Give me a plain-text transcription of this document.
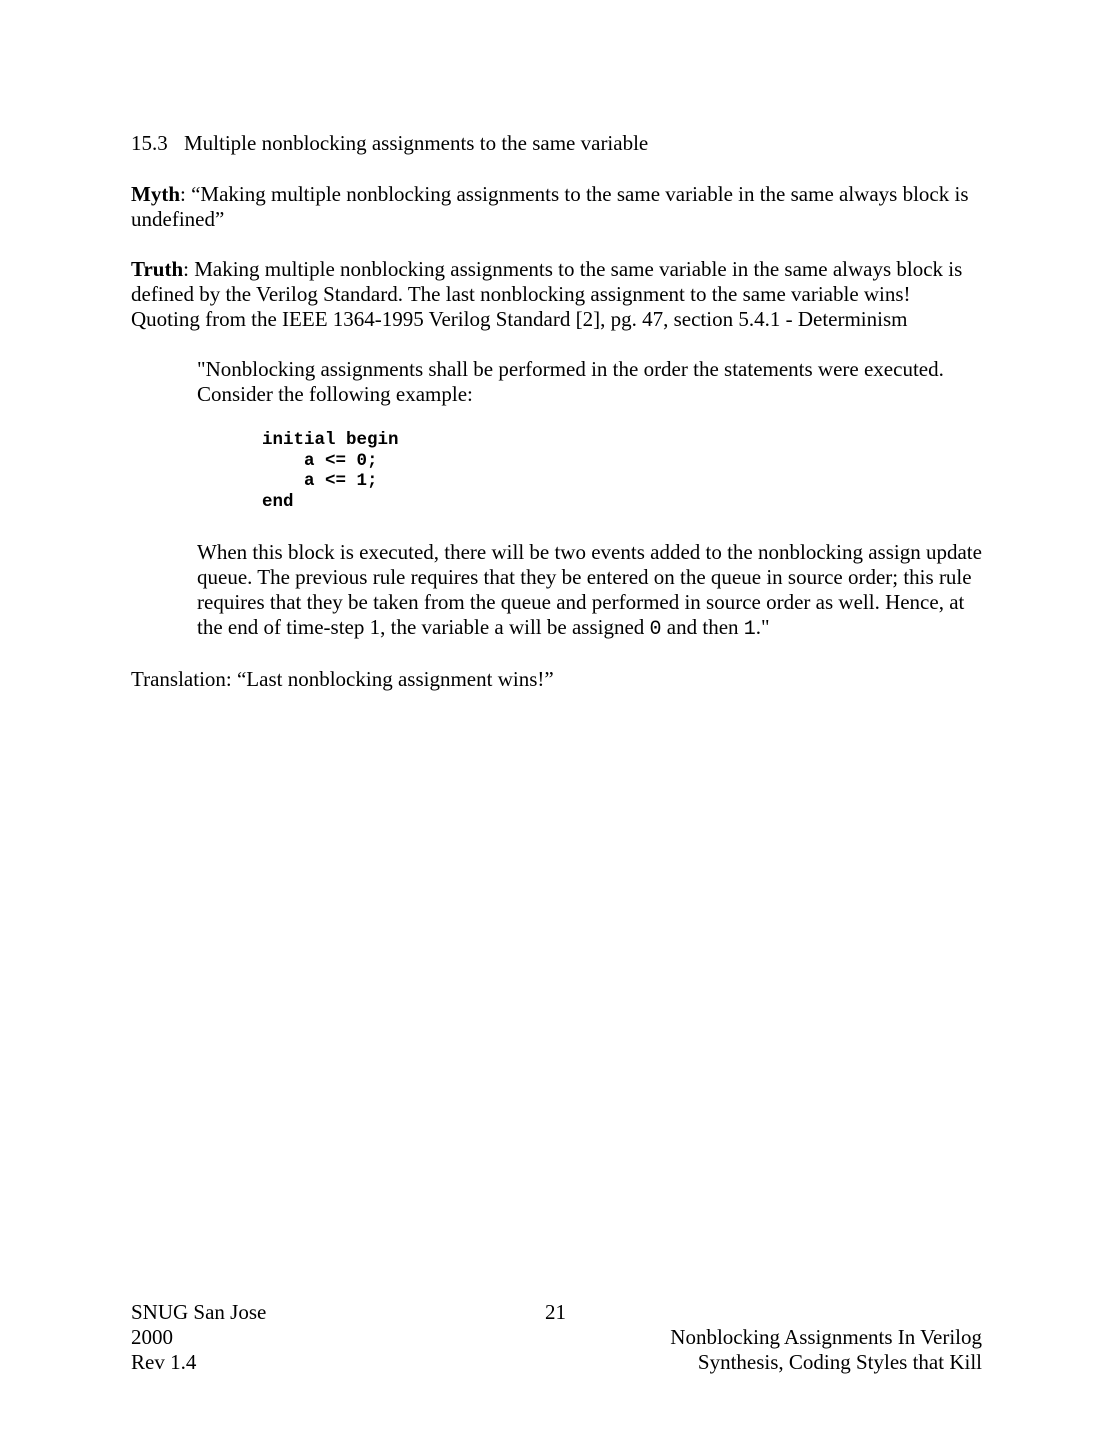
15.3 Multiple nonblocking assignments to the same variable
Myth: “Making multiple nonblocking assignments to the same variable in the same always block is undefined”
Truth: Making multiple nonblocking assignments to the same variable in the same always block is defined by the Verilog Standard. The last nonblocking assignment to the same variable wins! Quoting from the IEEE 1364-1995 Verilog Standard [2], pg. 47, section 5.4.1 - Determinism
"Nonblocking assignments shall be performed in the order the statements were executed. Consider the following example:
initial begin
a <= 0;
a <= 1;
end
When this block is executed, there will be two events added to the nonblocking assign update queue. The previous rule requires that they be entered on the queue in source order; this rule requires that they be taken from the queue and performed in source order as well. Hence, at the end of time-step 1, the variable a will be assigned 0 and then 1."
Translation: “Last nonblocking assignment wins!”
SNUG San Jose
2000
Rev 1.4
21
Nonblocking Assignments In Verilog
Synthesis, Coding Styles that Kill
